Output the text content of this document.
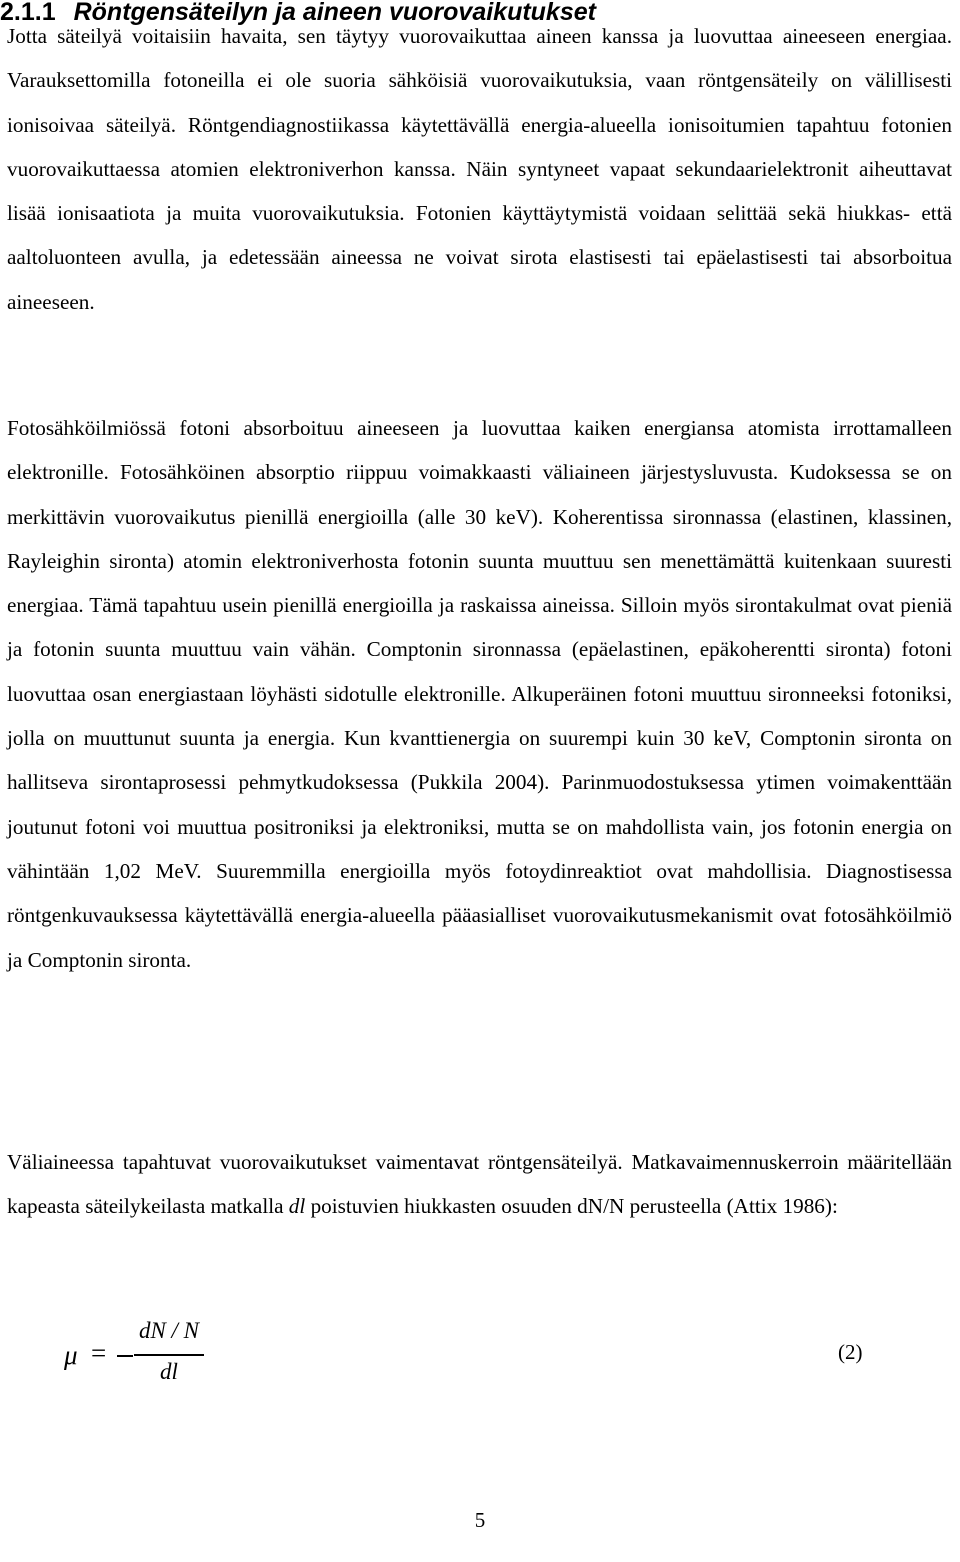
2.1.1 Röntgensäteilyn ja aineen vuorovaikutukset

Jotta säteilyä voitaisiin havaita, sen täytyy vuorovaikuttaa aineen kanssa ja luovuttaa aineeseen energiaa. Varauksettomilla fotoneilla ei ole suoria sähköisiä vuorovaikutuksia, vaan röntgensäteily on välillisesti ionisoivaa säteilyä. Röntgendiagnostiikassa käytettävällä energia-alueella ionisoitumien tapahtuu fotonien vuorovaikuttaessa atomien elektroniverhon kanssa. Näin syntyneet vapaat sekundaarielektronit aiheuttavat lisää ionisaatiota ja muita vuorovaikutuksia. Fotonien käyttäytymistä voidaan selittää sekä hiukkas- että aaltoluonteen avulla, ja edetessään aineessa ne voivat sirota elastisesti tai epäelastisesti tai absorboitua aineeseen.

Fotosähköilmiössä fotoni absorboituu aineeseen ja luovuttaa kaiken energiansa atomista irrottamalleen elektronille. Fotosähköinen absorptio riippuu voimakkaasti väliaineen järjestysluvusta. Kudoksessa se on merkittävin vuorovaikutus pienillä energioilla (alle 30 keV). Koherentissa sironnassa (elastinen, klassinen, Rayleighin sironta) atomin elektroniverhosta fotonin suunta muuttuu sen menettämättä kuitenkaan suuresti energiaa. Tämä tapahtuu usein pienillä energioilla ja raskaissa aineissa. Silloin myös sirontakulmat ovat pieniä ja fotonin suunta muuttuu vain vähän. Comptonin sironnassa (epäelastinen, epäkoherentti sironta) fotoni luovuttaa osan energiastaan löyhästi sidotulle elektronille. Alkuperäinen fotoni muuttuu sironneeksi fotoniksi, jolla on muuttunut suunta ja energia. Kun kvanttienergia on suurempi kuin 30 keV, Comptonin sironta on hallitseva sirontaprosessi pehmytkudoksessa (Pukkila 2004). Parinmuodostuksessa ytimen voimakenttään joutunut fotoni voi muuttua positroniksi ja elektroniksi, mutta se on mahdollista vain, jos fotonin energia on vähintään 1,02 MeV. Suuremmilla energioilla myös fotoydinreaktiot ovat mahdollisia. Diagnostisessa röntgenkuvauksessa käytettävällä energia-alueella pääasialliset vuorovaikutusmekanismit ovat fotosähköilmiö ja Comptonin sironta.

Väliaineessa tapahtuvat vuorovaikutukset vaimentavat röntgensäteilyä. Matkavaimennuskerroin määritellään kapeasta säteilykeilasta matkalla dl poistuvien hiukkasten osuuden dN/N perusteella (Attix 1986):

μ =
dN / N
dl
(2)
5
